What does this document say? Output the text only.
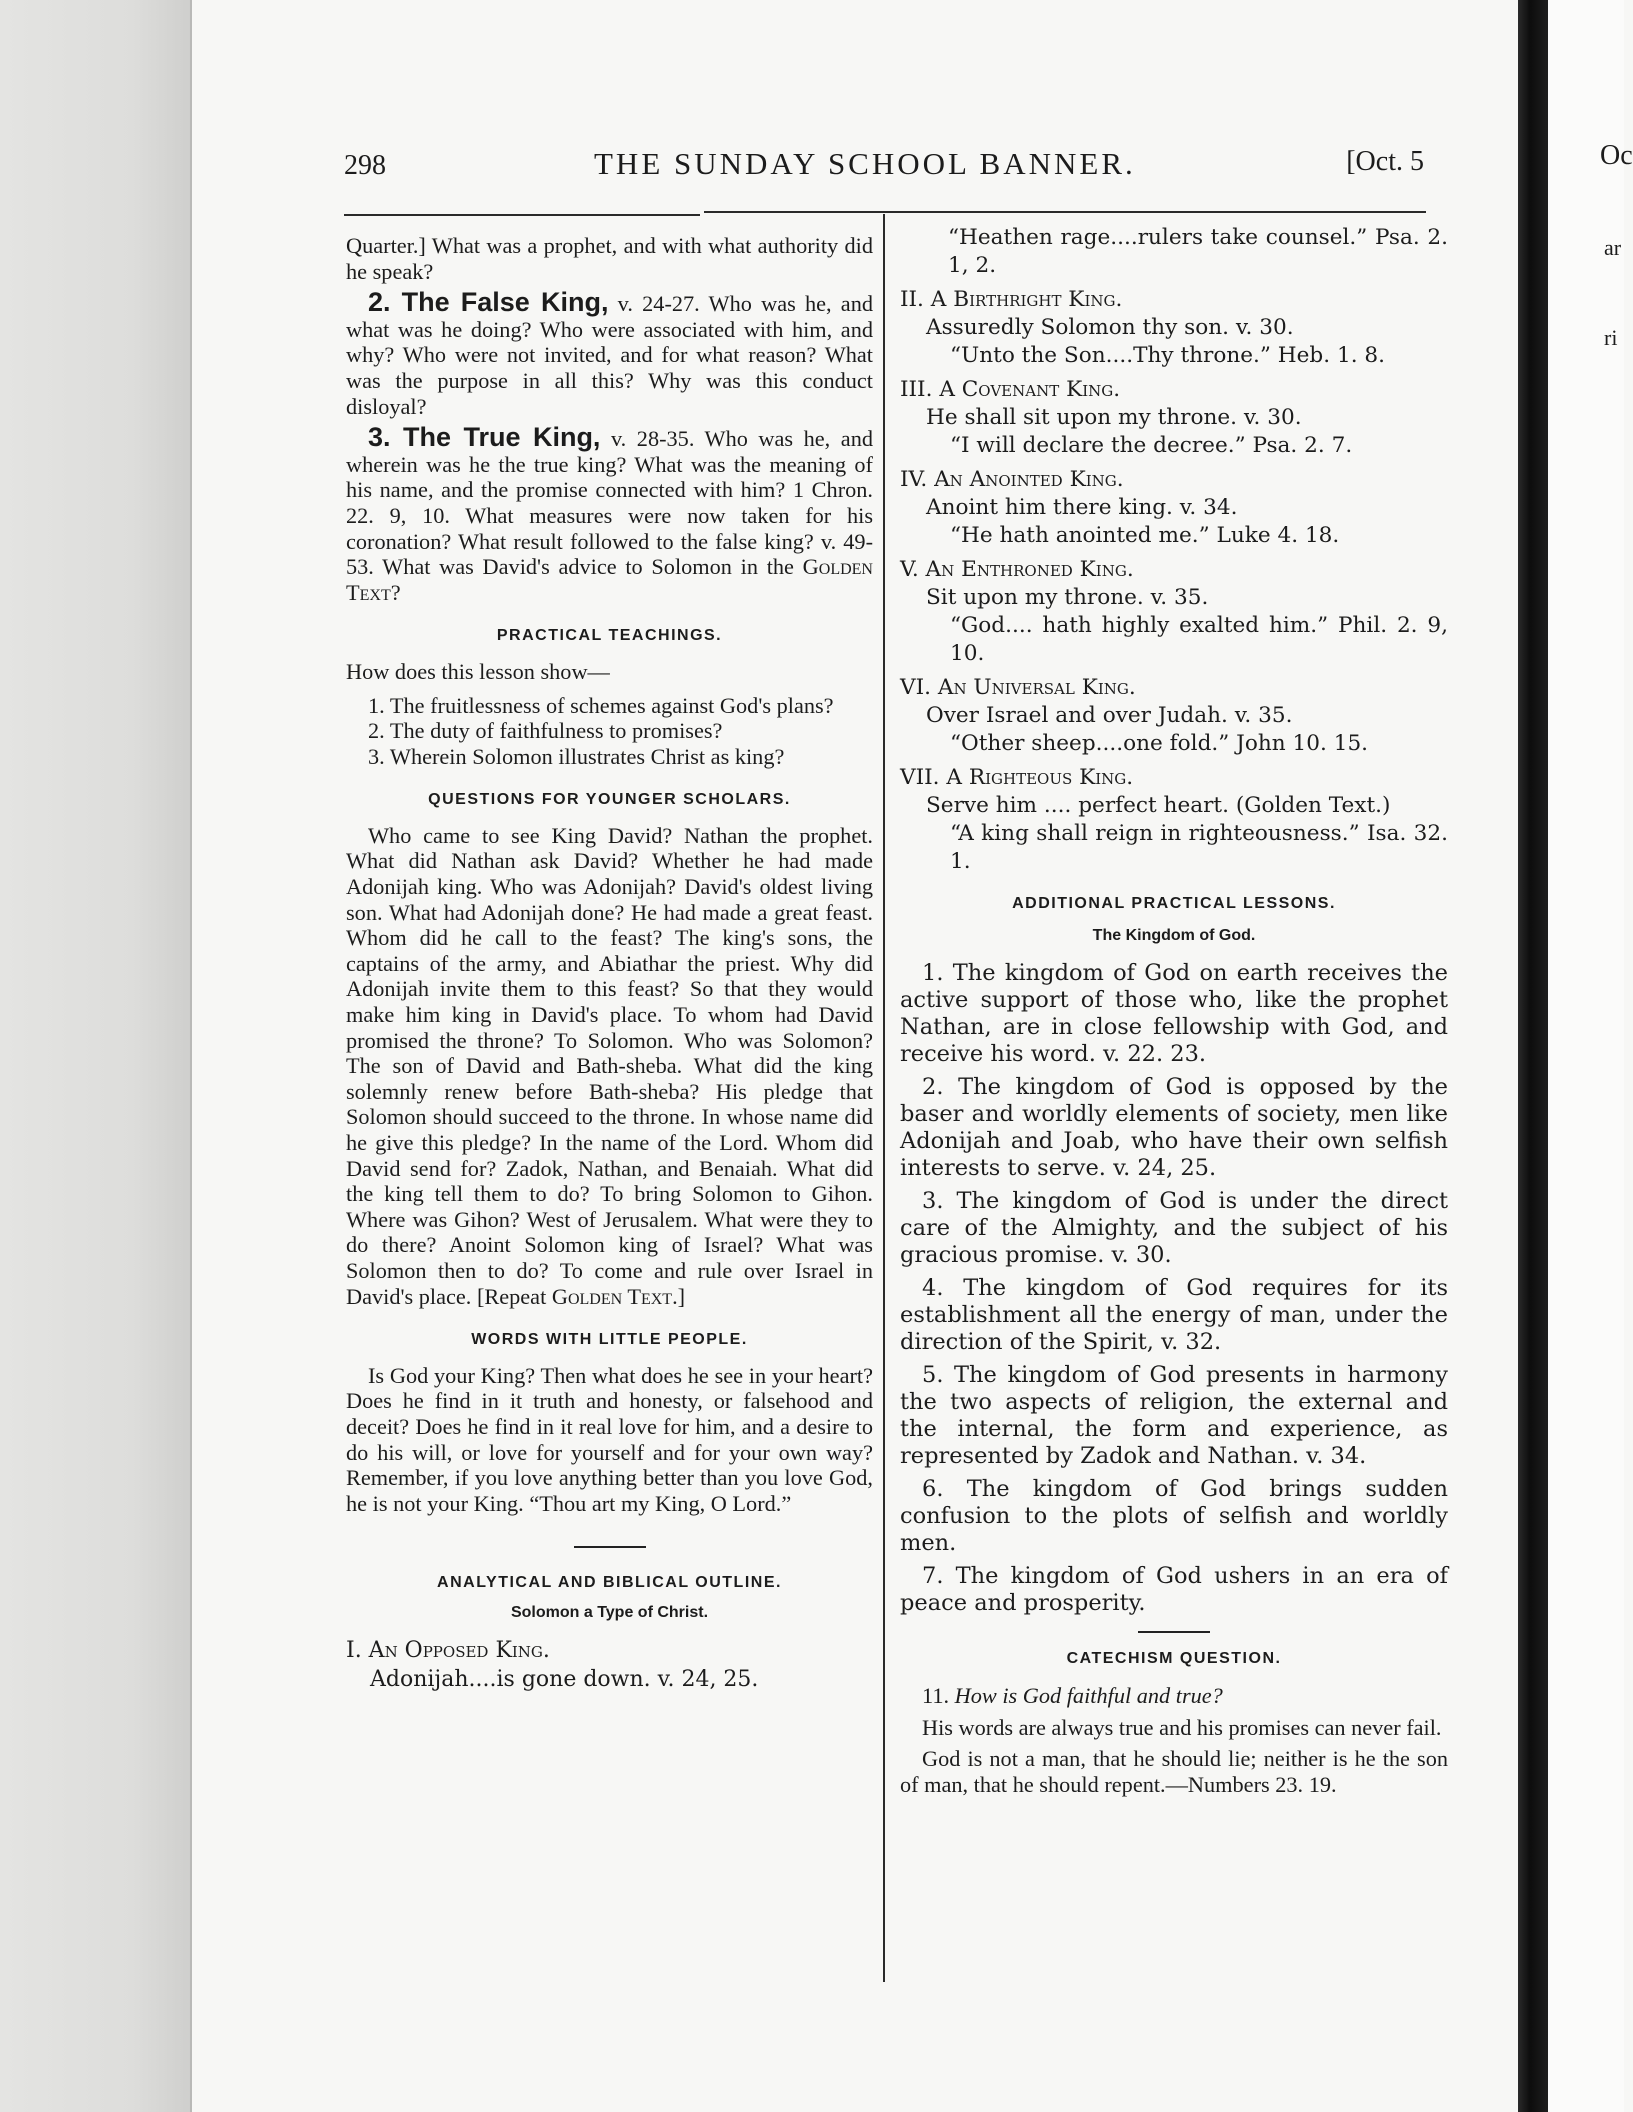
Oc
ar
ri
298	THE SUNDAY SCHOOL BANNER.	[Oct. 5

Quarter.] What was a prophet, and with what authority did he speak?

2. The False King, v. 24-27. Who was he, and what was he doing? Who were associated with him, and why? Who were not invited, and for what reason? What was the purpose in all this? Why was this conduct disloyal?

3. The True King, v. 28-35. Who was he, and wherein was he the true king? What was the meaning of his name, and the promise connected with him? 1 Chron. 22. 9, 10. What measures were now taken for his coronation? What result followed to the false king? v. 49-53. What was David's advice to Solomon in the Golden Text?

PRACTICAL TEACHINGS.

How does this lesson show—

1. The fruitlessness of schemes against God's plans?

2. The duty of faithfulness to promises?

3. Wherein Solomon illustrates Christ as king?

QUESTIONS FOR YOUNGER SCHOLARS.

Who came to see King David? Nathan the prophet. What did Nathan ask David? Whether he had made Adonijah king. Who was Adonijah? David's oldest living son. What had Adonijah done? He had made a great feast. Whom did he call to the feast? The king's sons, the captains of the army, and Abiathar the priest. Why did Adonijah invite them to this feast? So that they would make him king in David's place. To whom had David promised the throne? To Solomon. Who was Solomon? The son of David and Bath-sheba. What did the king solemnly renew before Bath-sheba? His pledge that Solomon should succeed to the throne. In whose name did he give this pledge? In the name of the Lord. Whom did David send for? Zadok, Nathan, and Benaiah. What did the king tell them to do? To bring Solomon to Gihon. Where was Gihon? West of Jerusalem. What were they to do there? Anoint Solomon king of Israel? What was Solomon then to do? To come and rule over Israel in David's place. [Repeat Golden Text.]

WORDS WITH LITTLE PEOPLE.

Is God your King? Then what does he see in your heart? Does he find in it truth and honesty, or falsehood and deceit? Does he find in it real love for him, and a desire to do his will, or love for yourself and for your own way? Remember, if you love anything better than you love God, he is not your King. “Thou art my King, O Lord.”

ANALYTICAL AND BIBLICAL OUTLINE.
Solomon a Type of Christ.

I. An Opposed King.

Adonijah....is gone down. v. 24, 25.

“Heathen rage....rulers take counsel.” Psa. 2. 1, 2.

II. A Birthright King.

Assuredly Solomon thy son. v. 30.

“Unto the Son....Thy throne.” Heb. 1. 8.

III. A Covenant King.

He shall sit upon my throne. v. 30.

“I will declare the decree.” Psa. 2. 7.

IV. An Anointed King.

Anoint him there king. v. 34.

“He hath anointed me.” Luke 4. 18.

V. An Enthroned King.

Sit upon my throne. v. 35.

“God.... hath highly exalted him.” Phil. 2. 9, 10.

VI. An Universal King.

Over Israel and over Judah. v. 35.

“Other sheep....one fold.” John 10. 15.

VII. A Righteous King.

Serve him .... perfect heart. (Golden Text.)

“A king shall reign in righteousness.” Isa. 32. 1.

ADDITIONAL PRACTICAL LESSONS.
The Kingdom of God.

1. The kingdom of God on earth receives the active support of those who, like the prophet Nathan, are in close fellowship with God, and receive his word. v. 22. 23.

2. The kingdom of God is opposed by the baser and worldly elements of society, men like Adonijah and Joab, who have their own selfish interests to serve. v. 24, 25.

3. The kingdom of God is under the direct care of the Almighty, and the subject of his gracious promise. v. 30.

4. The kingdom of God requires for its establishment all the energy of man, under the direction of the Spirit, v. 32.

5. The kingdom of God presents in harmony the two aspects of religion, the external and the internal, the form and experience, as represented by Zadok and Nathan. v. 34.

6. The kingdom of God brings sudden confusion to the plots of selfish and worldly men.

7. The kingdom of God ushers in an era of peace and prosperity.

CATECHISM QUESTION.

11. How is God faithful and true?

His words are always true and his promises can never fail.

God is not a man, that he should lie; neither is he the son of man, that he should repent.—Numbers 23. 19.
